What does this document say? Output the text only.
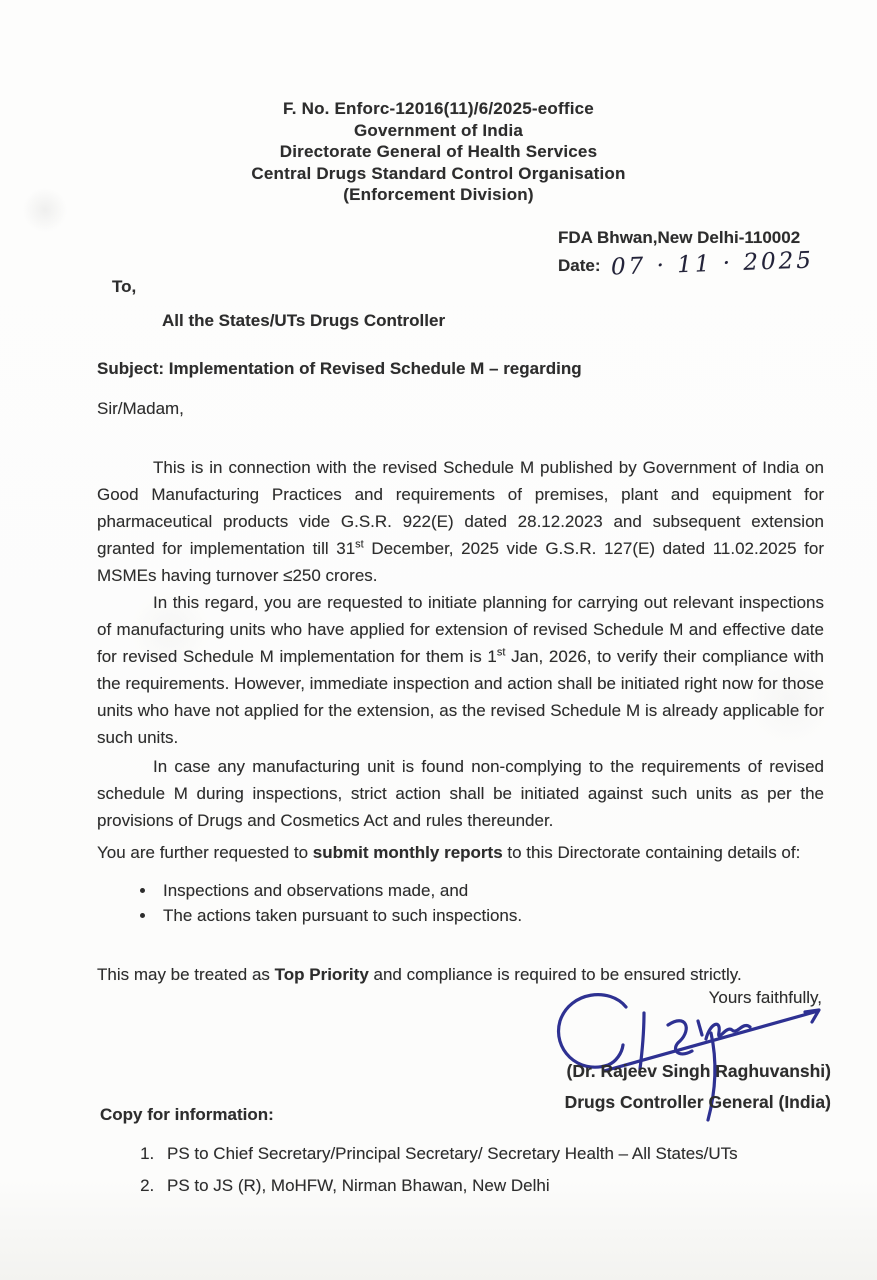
F. No. Enforc-12016(11)/6/2025-eoffice
Government of India
Directorate General of Health Services
Central Drugs Standard Control Organisation
(Enforcement Division)
FDA Bhwan,New Delhi-110002
Date: 07 · 11 · 2025
To,
All the States/UTs Drugs Controller
Subject: Implementation of Revised Schedule M – regarding
Sir/Madam,

This is in connection with the revised Schedule M published by Government of India on Good Manufacturing Practices and requirements of premises, plant and equipment for pharmaceutical products vide G.S.R. 922(E) dated 28.12.2023 and subsequent extension granted for implementation till 31st December, 2025 vide G.S.R. 127(E) dated 11.02.2025 for MSMEs having turnover ≤250 crores.

In this regard, you are requested to initiate planning for carrying out relevant inspections of manufacturing units who have applied for extension of revised Schedule M and effective date for revised Schedule M implementation for them is 1st Jan, 2026, to verify their compliance with the requirements. However, immediate inspection and action shall be initiated right now for those units who have not applied for the extension, as the revised Schedule M is already applicable for such units.

In case any manufacturing unit is found non-complying to the requirements of revised schedule M during inspections, strict action shall be initiated against such units as per the provisions of Drugs and Cosmetics Act and rules thereunder.

You are further requested to submit monthly reports to this Directorate containing details of:

• Inspections and observations made, and
• The actions taken pursuant to such inspections.

This may be treated as Top Priority and compliance is required to be ensured strictly.

Yours faithfully,
(Dr. Rajeev Singh Raghuvanshi)
Drugs Controller General (India)
Copy for information:
1. PS to Chief Secretary/Principal Secretary/ Secretary Health – All States/UTs
2. PS to JS (R), MoHFW, Nirman Bhawan, New Delhi
